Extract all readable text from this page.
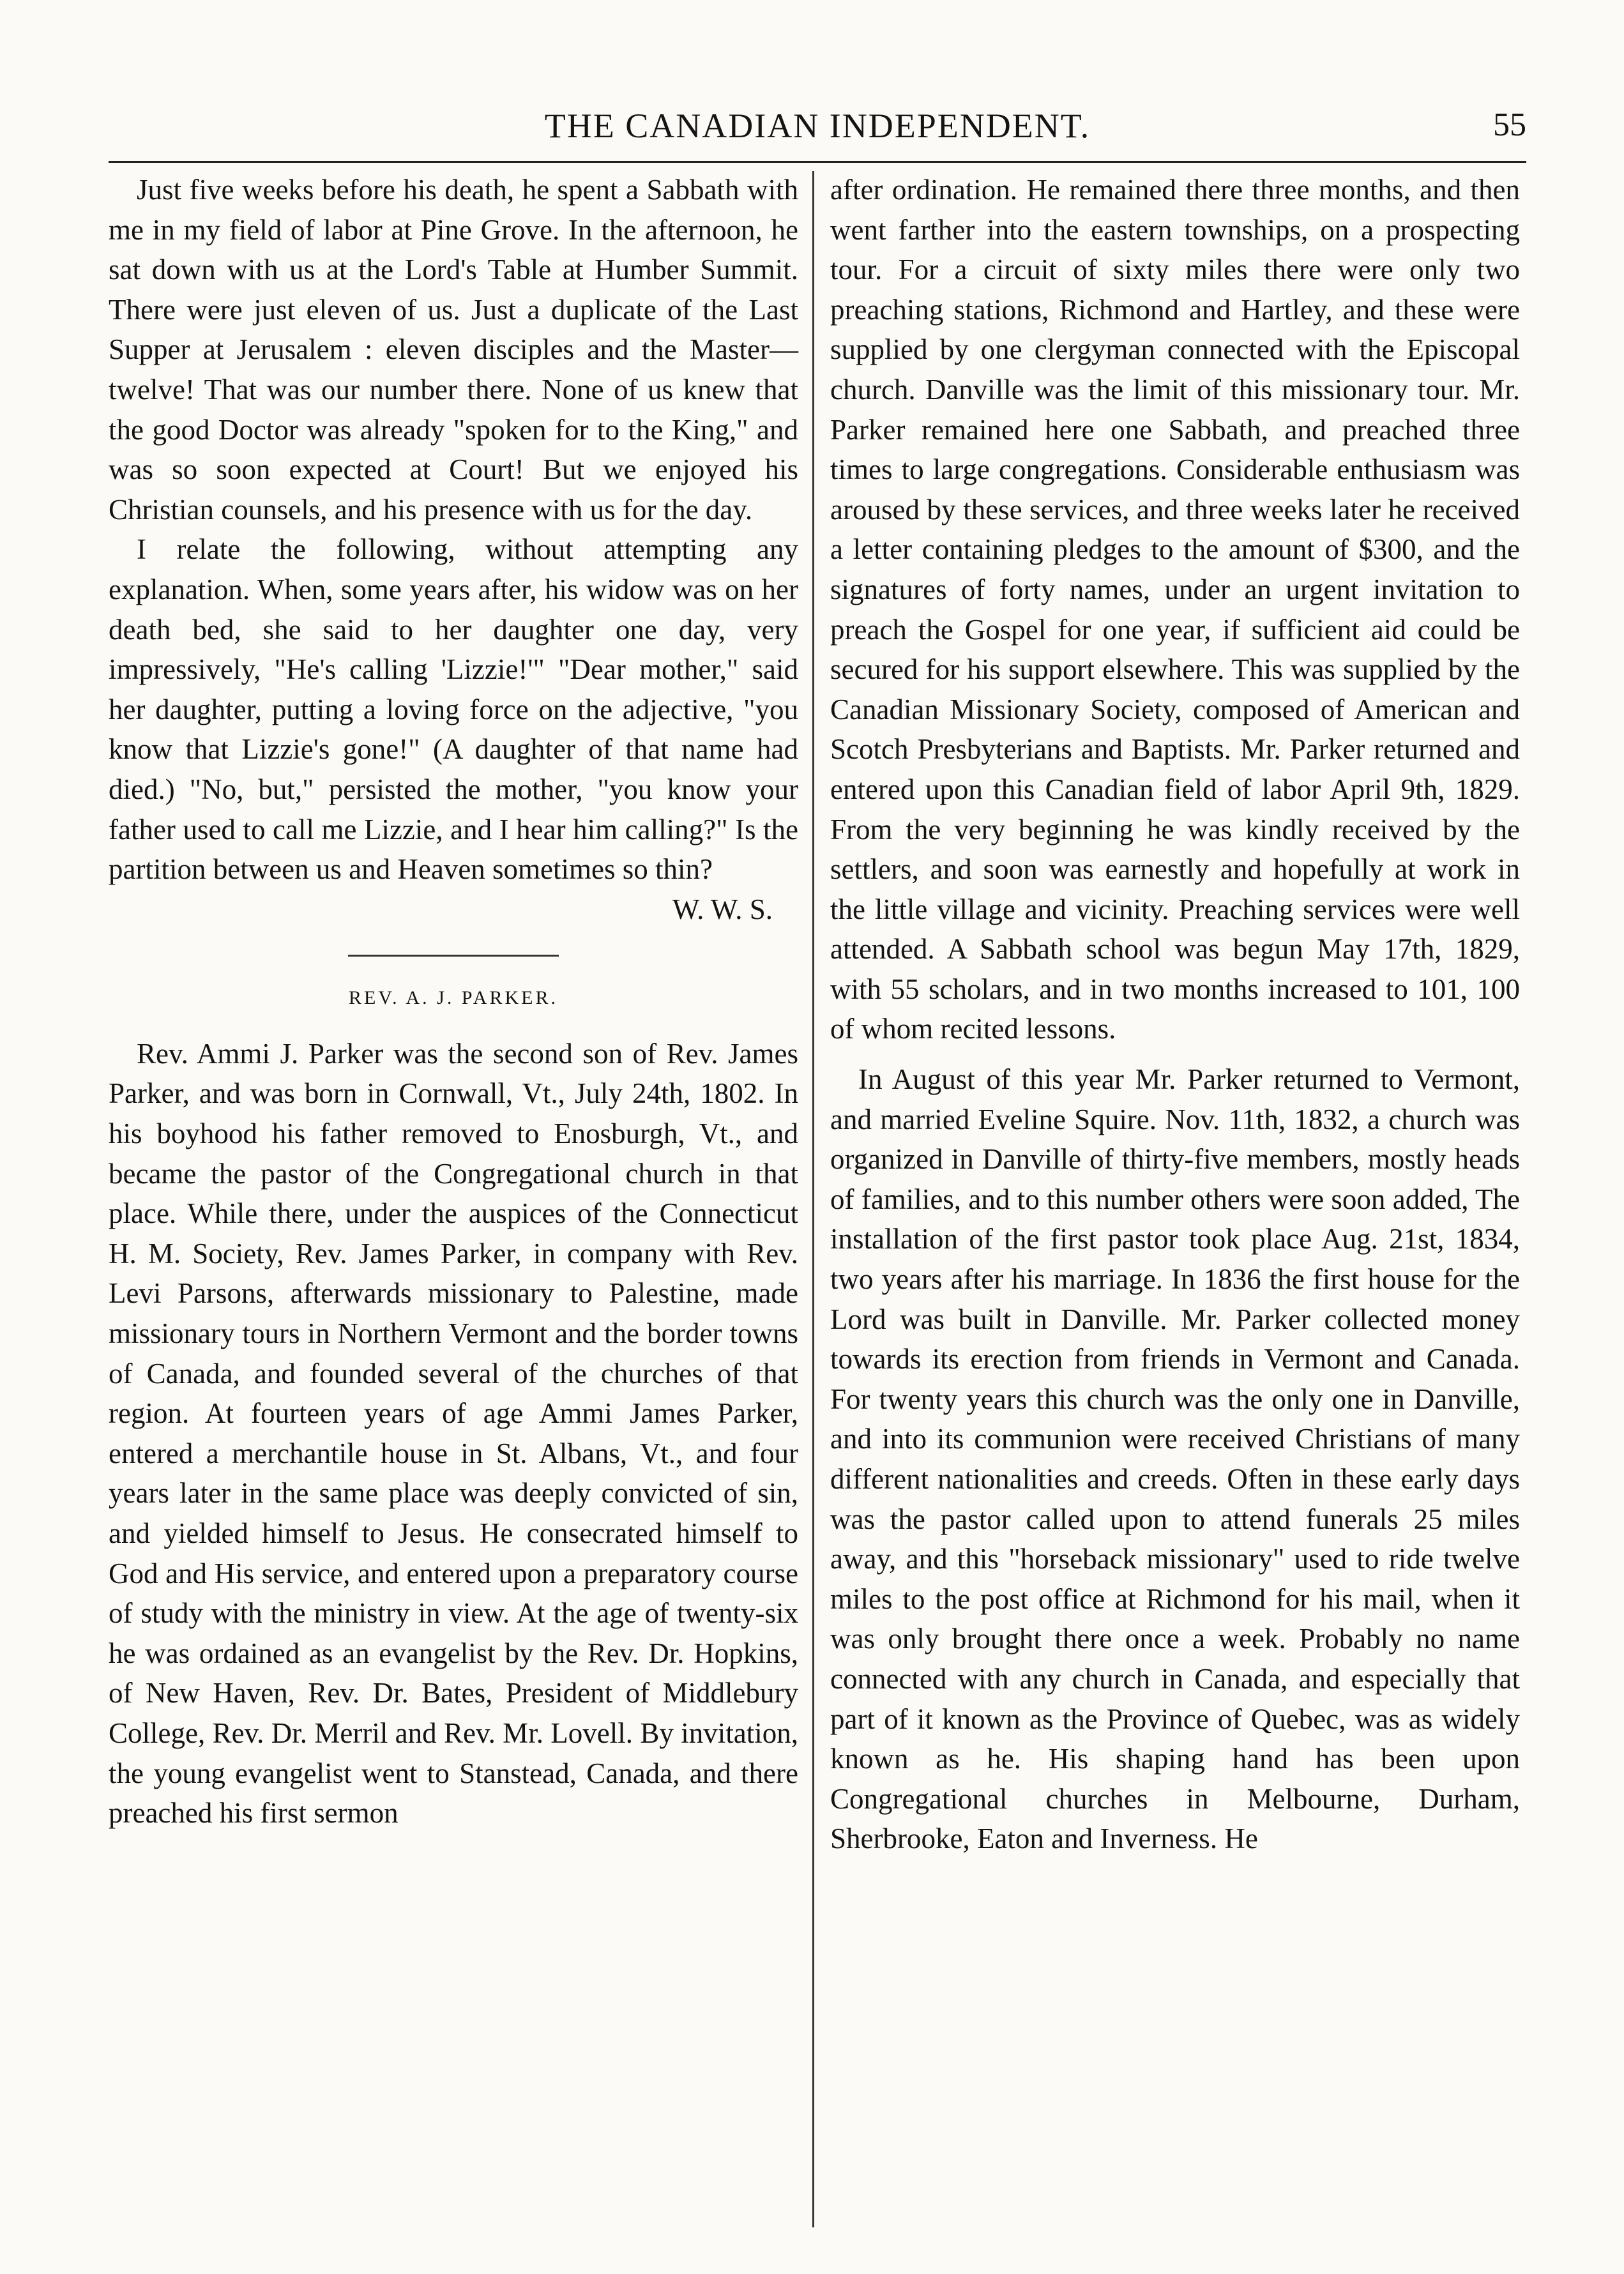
THE CANADIAN INDEPENDENT.	55

Just five weeks before his death, he spent a Sabbath with me in my field of labor at Pine Grove. In the afternoon, he sat down with us at the Lord's Table at Humber Summit. There were just eleven of us. Just a duplicate of the Last Supper at Jerusalem : eleven disciples and the Master—twelve! That was our number there. None of us knew that the good Doctor was already "spoken for to the King," and was so soon expected at Court! But we enjoyed his Christian counsels, and his presence with us for the day.

I relate the following, without attempting any explanation. When, some years after, his widow was on her death bed, she said to her daughter one day, very impressively, "He's calling 'Lizzie!'" "Dear mother," said her daughter, putting a loving force on the adjective, "you know that Lizzie's gone!" (A daughter of that name had died.) "No, but," persisted the mother, "you know your father used to call me Lizzie, and I hear him calling?" Is the partition between us and Heaven sometimes so thin?
W. W. S.

REV. A. J. PARKER.

Rev. Ammi J. Parker was the second son of Rev. James Parker, and was born in Cornwall, Vt., July 24th, 1802. In his boyhood his father removed to Enosburgh, Vt., and became the pastor of the Congregational church in that place. While there, under the auspices of the Connecticut H. M. Society, Rev. James Parker, in company with Rev. Levi Parsons, afterwards missionary to Palestine, made missionary tours in Northern Vermont and the border towns of Canada, and founded several of the churches of that region. At fourteen years of age Ammi James Parker, entered a merchantile house in St. Albans, Vt., and four years later in the same place was deeply convicted of sin, and yielded himself to Jesus. He consecrated himself to God and His service, and entered upon a preparatory course of study with the ministry in view. At the age of twenty-six he was ordained as an evangelist by the Rev. Dr. Hopkins, of New Haven, Rev. Dr. Bates, President of Middlebury College, Rev. Dr. Merril and Rev. Mr. Lovell. By invitation, the young evangelist went to Stanstead, Canada, and there preached his first sermon

after ordination. He remained there three months, and then went farther into the eastern townships, on a prospecting tour. For a circuit of sixty miles there were only two preaching stations, Richmond and Hartley, and these were supplied by one clergyman connected with the Episcopal church. Danville was the limit of this missionary tour. Mr. Parker remained here one Sabbath, and preached three times to large congregations. Considerable enthusiasm was aroused by these services, and three weeks later he received a letter containing pledges to the amount of $300, and the signatures of forty names, under an urgent invitation to preach the Gospel for one year, if sufficient aid could be secured for his support elsewhere. This was supplied by the Canadian Missionary Society, composed of American and Scotch Presbyterians and Baptists. Mr. Parker returned and entered upon this Canadian field of labor April 9th, 1829. From the very beginning he was kindly received by the settlers, and soon was earnestly and hopefully at work in the little village and vicinity. Preaching services were well attended. A Sabbath school was begun May 17th, 1829, with 55 scholars, and in two months increased to 101, 100 of whom recited lessons.

In August of this year Mr. Parker returned to Vermont, and married Eveline Squire. Nov. 11th, 1832, a church was organized in Danville of thirty-five members, mostly heads of families, and to this number others were soon added, The installation of the first pastor took place Aug. 21st, 1834, two years after his marriage. In 1836 the first house for the Lord was built in Danville. Mr. Parker collected money towards its erection from friends in Vermont and Canada. For twenty years this church was the only one in Danville, and into its communion were received Christians of many different nationalities and creeds. Often in these early days was the pastor called upon to attend funerals 25 miles away, and this "horseback missionary" used to ride twelve miles to the post office at Richmond for his mail, when it was only brought there once a week. Probably no name connected with any church in Canada, and especially that part of it known as the Province of Quebec, was as widely known as he. His shaping hand has been upon Congregational churches in Melbourne, Durham, Sherbrooke, Eaton and Inverness. He
